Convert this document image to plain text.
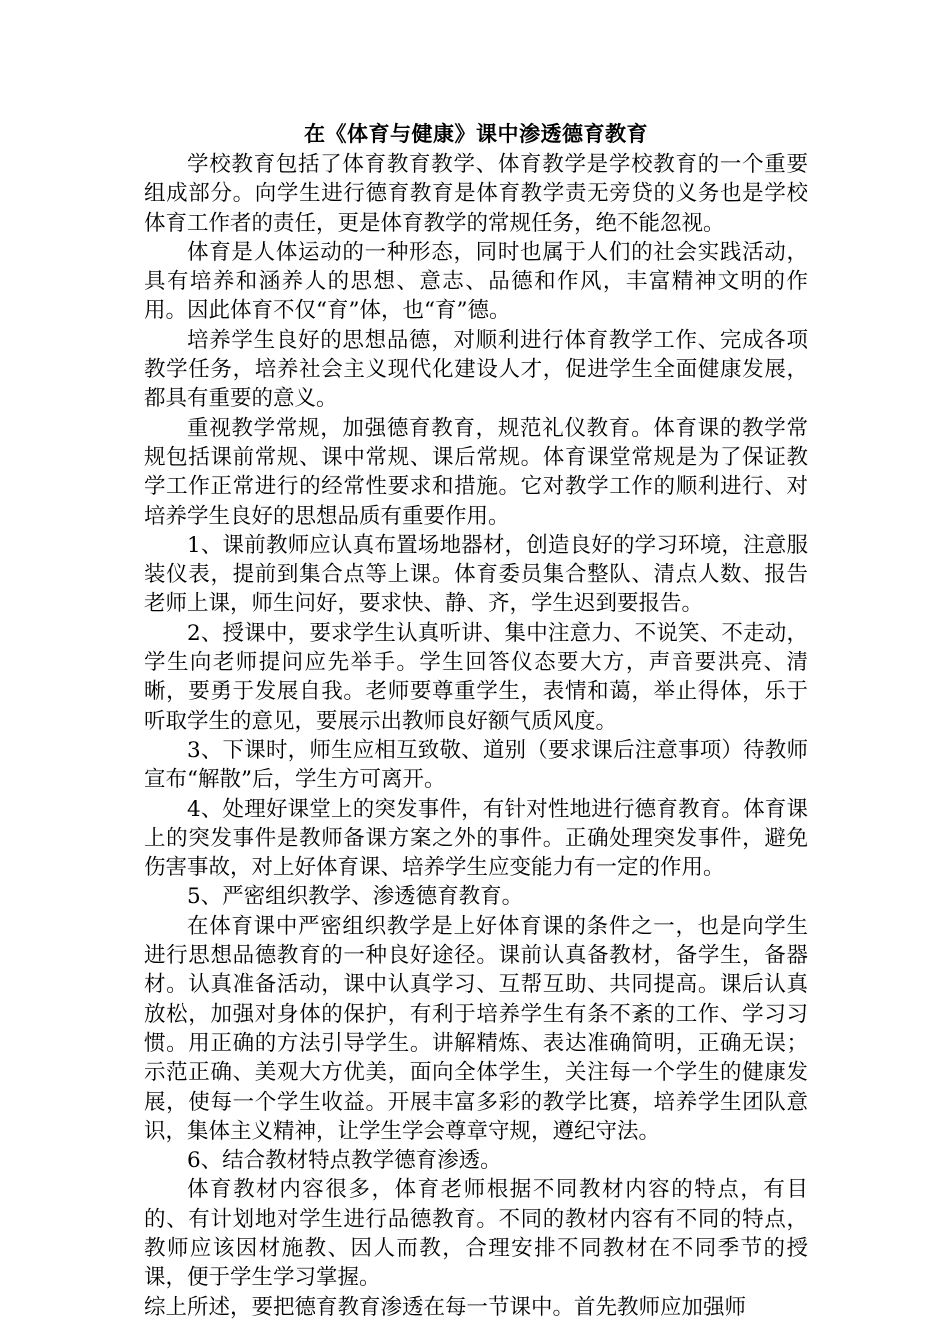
在《体育与健康》课中渗透德育教育

学校教育包括了体育教育教学、体育教学是学校教育的一个重要组成部分。向学生进行德育教育是体育教学责无旁贷的义务也是学校体育工作者的责任，更是体育教学的常规任务，绝不能忽视。

体育是人体运动的一种形态，同时也属于人们的社会实践活动，具有培养和涵养人的思想、意志、品德和作风，丰富精神文明的作用。因此体育不仅“育”体，也“育”德。

培养学生良好的思想品德，对顺利进行体育教学工作、完成各项教学任务，培养社会主义现代化建设人才，促进学生全面健康发展，都具有重要的意义。

重视教学常规，加强德育教育，规范礼仪教育。体育课的教学常规包括课前常规、课中常规、课后常规。体育课堂常规是为了保证教学工作正常进行的经常性要求和措施。它对教学工作的顺利进行、对培养学生良好的思想品质有重要作用。

1、课前教师应认真布置场地器材，创造良好的学习环境，注意服装仪表，提前到集合点等上课。体育委员集合整队、清点人数、报告老师上课，师生问好，要求快、静、齐，学生迟到要报告。

2、授课中，要求学生认真听讲、集中注意力、不说笑、不走动，学生向老师提问应先举手。学生回答仪态要大方，声音要洪亮、清晰，要勇于发展自我。老师要尊重学生，表情和蔼，举止得体，乐于听取学生的意见，要展示出教师良好额气质风度。

3、下课时，师生应相互致敬、道别（要求课后注意事项）待教师宣布“解散”后，学生方可离开。

4、处理好课堂上的突发事件，有针对性地进行德育教育。体育课上的突发事件是教师备课方案之外的事件。正确处理突发事件，避免伤害事故，对上好体育课、培养学生应变能力有一定的作用。

5、严密组织教学、渗透德育教育。

在体育课中严密组织教学是上好体育课的条件之一，也是向学生进行思想品德教育的一种良好途径。课前认真备教材，备学生，备器材。认真准备活动，课中认真学习、互帮互助、共同提高。课后认真放松，加强对身体的保护，有利于培养学生有条不紊的工作、学习习惯。用正确的方法引导学生。讲解精炼、表达准确简明，正确无误；示范正确、美观大方优美，面向全体学生，关注每一个学生的健康发展，使每一个学生收益。开展丰富多彩的教学比赛，培养学生团队意识，集体主义精神，让学生学会尊章守规，遵纪守法。

6、结合教材特点教学德育渗透。

体育教材内容很多，体育老师根据不同教材内容的特点，有目的、有计划地对学生进行品德教育。不同的教材内容有不同的特点，教师应该因材施教、因人而教，合理安排不同教材在不同季节的授课，便于学生学习掌握。

综上所述，要把德育教育渗透在每一节课中。首先教师应加强师
